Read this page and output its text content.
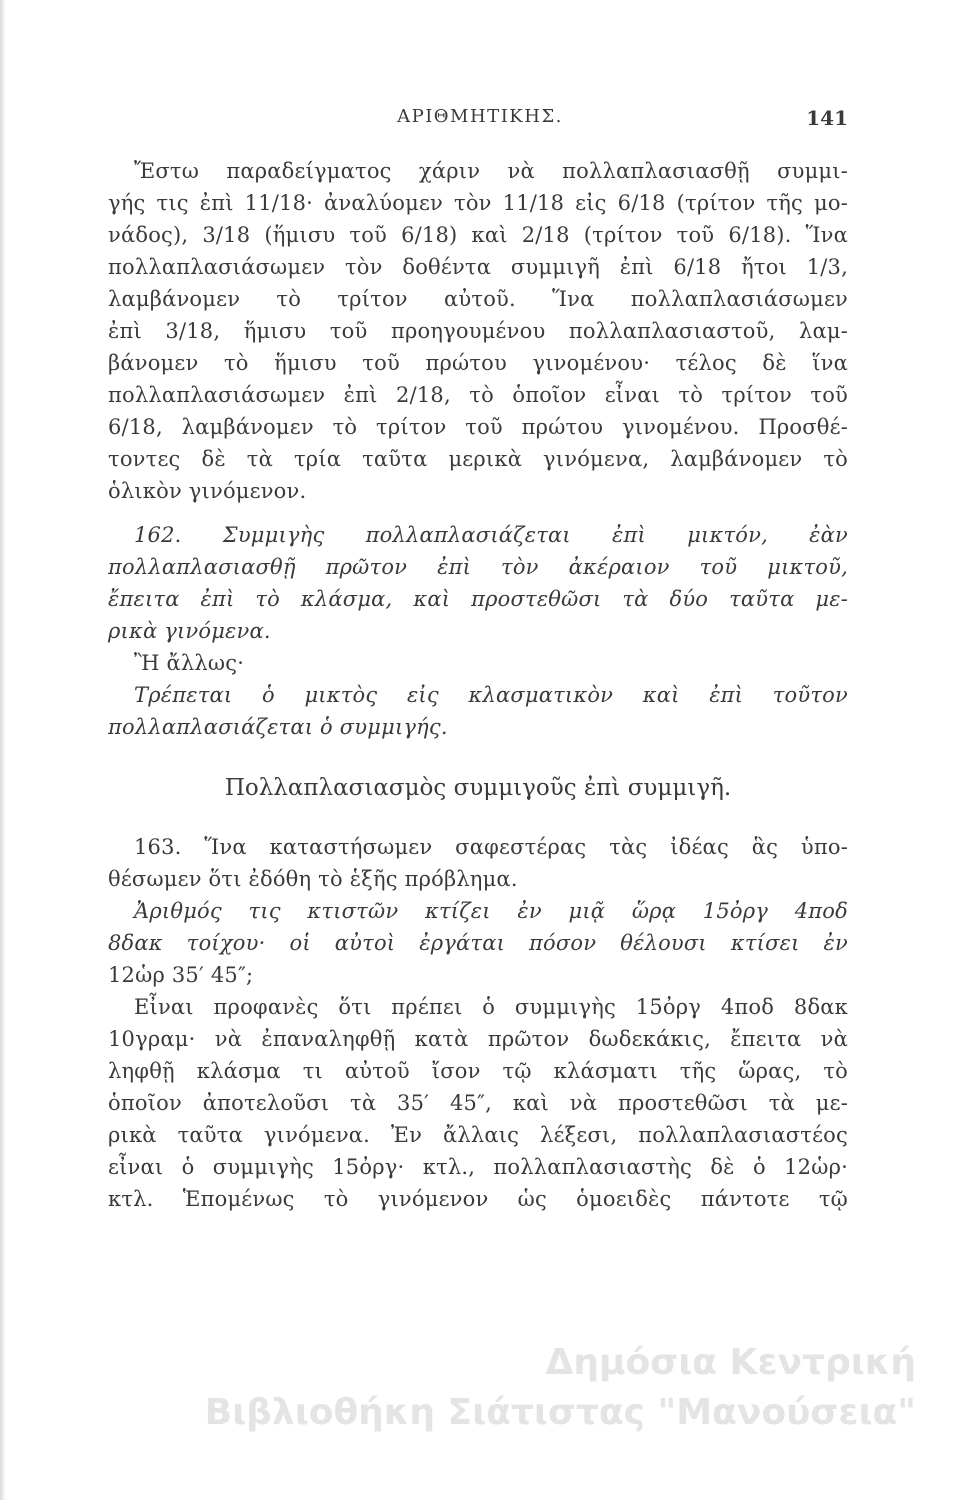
ΑΡΙΘΜΗΤΙΚΗΣ.	141
Ἔστω παραδείγματος χάριν νὰ πολλαπλασιασθῇ συμμι-
γής τις ἐπὶ 11/18· ἀναλύομεν τὸν 11/18 εἰς 6/18 (τρίτον τῆς μο-
νάδος), 3/18 (ἥμισυ τοῦ 6/18) καὶ 2/18 (τρίτον τοῦ 6/18). Ἵνα
πολλαπλασιάσωμεν τὸν δοθέντα συμμιγῆ ἐπὶ 6/18 ἤτοι 1/3,
λαμβάνομεν τὸ τρίτον αὐτοῦ. Ἵνα πολλαπλασιάσωμεν
ἐπὶ 3/18, ἥμισυ τοῦ προηγουμένου πολλαπλασιαστοῦ, λαμ-
βάνομεν τὸ ἥμισυ τοῦ πρώτου γινομένου· τέλος δὲ ἵνα
πολλαπλασιάσωμεν ἐπὶ 2/18, τὸ ὁποῖον εἶναι τὸ τρίτον τοῦ
6/18, λαμβάνομεν τὸ τρίτον τοῦ πρώτου γινομένου. Προσθέ-
τοντες δὲ τὰ τρία ταῦτα μερικὰ γινόμενα, λαμβάνομεν τὸ
ὁλικὸν γινόμενον.
162. Συμμιγὴς πολλαπλασιάζεται ἐπὶ μικτόν, ἐὰν
πολλαπλασιασθῇ πρῶτον ἐπὶ τὸν ἀκέραιον τοῦ μικτοῦ,
ἔπειτα ἐπὶ τὸ κλάσμα, καὶ προστεθῶσι τὰ δύο ταῦτα με-
ρικὰ γινόμενα.
Ἢ ἄλλως·
Τρέπεται ὁ μικτὸς εἰς κλασματικὸν καὶ ἐπὶ τοῦτον
πολλαπλασιάζεται ὁ συμμιγής.
Πολλαπλασιασμὸς συμμιγοῦς ἐπὶ συμμιγῆ.
163. Ἵνα καταστήσωμεν σαφεστέρας τὰς ἰδέας ἃς ὑπο-
θέσωμεν ὅτι ἐδόθη τὸ ἑξῆς πρόβλημα.
Ἀριθμός τις κτιστῶν κτίζει ἐν μιᾷ ὥρᾳ 15ὀργ 4ποδ
8δακ τοίχου· οἱ αὐτοὶ ἐργάται πόσον θέλουσι κτίσει ἐν
12ὡρ 35′ 45″;
Εἶναι προφανὲς ὅτι πρέπει ὁ συμμιγὴς 15ὀργ 4ποδ 8δακ
10γραμ· νὰ ἐπαναληφθῇ κατὰ πρῶτον δωδεκάκις, ἔπειτα νὰ
ληφθῇ κλάσμα τι αὐτοῦ ἴσον τῷ κλάσματι τῆς ὥρας, τὸ
ὁποῖον ἀποτελοῦσι τὰ 35′ 45″, καὶ νὰ προστεθῶσι τὰ με-
ρικὰ ταῦτα γινόμενα. Ἐν ἄλλαις λέξεσι, πολλαπλασιαστέος
εἶναι ὁ συμμιγὴς 15ὀργ· κτλ., πολλαπλασιαστὴς δὲ ὁ 12ὡρ·
κτλ. Ἑπομένως τὸ γινόμενον ὡς ὁμοειδὲς πάντοτε τῷ
Δημόσια Κεντρική
Βιβλιοθήκη Σιάτιστας "Μανούσεια"
